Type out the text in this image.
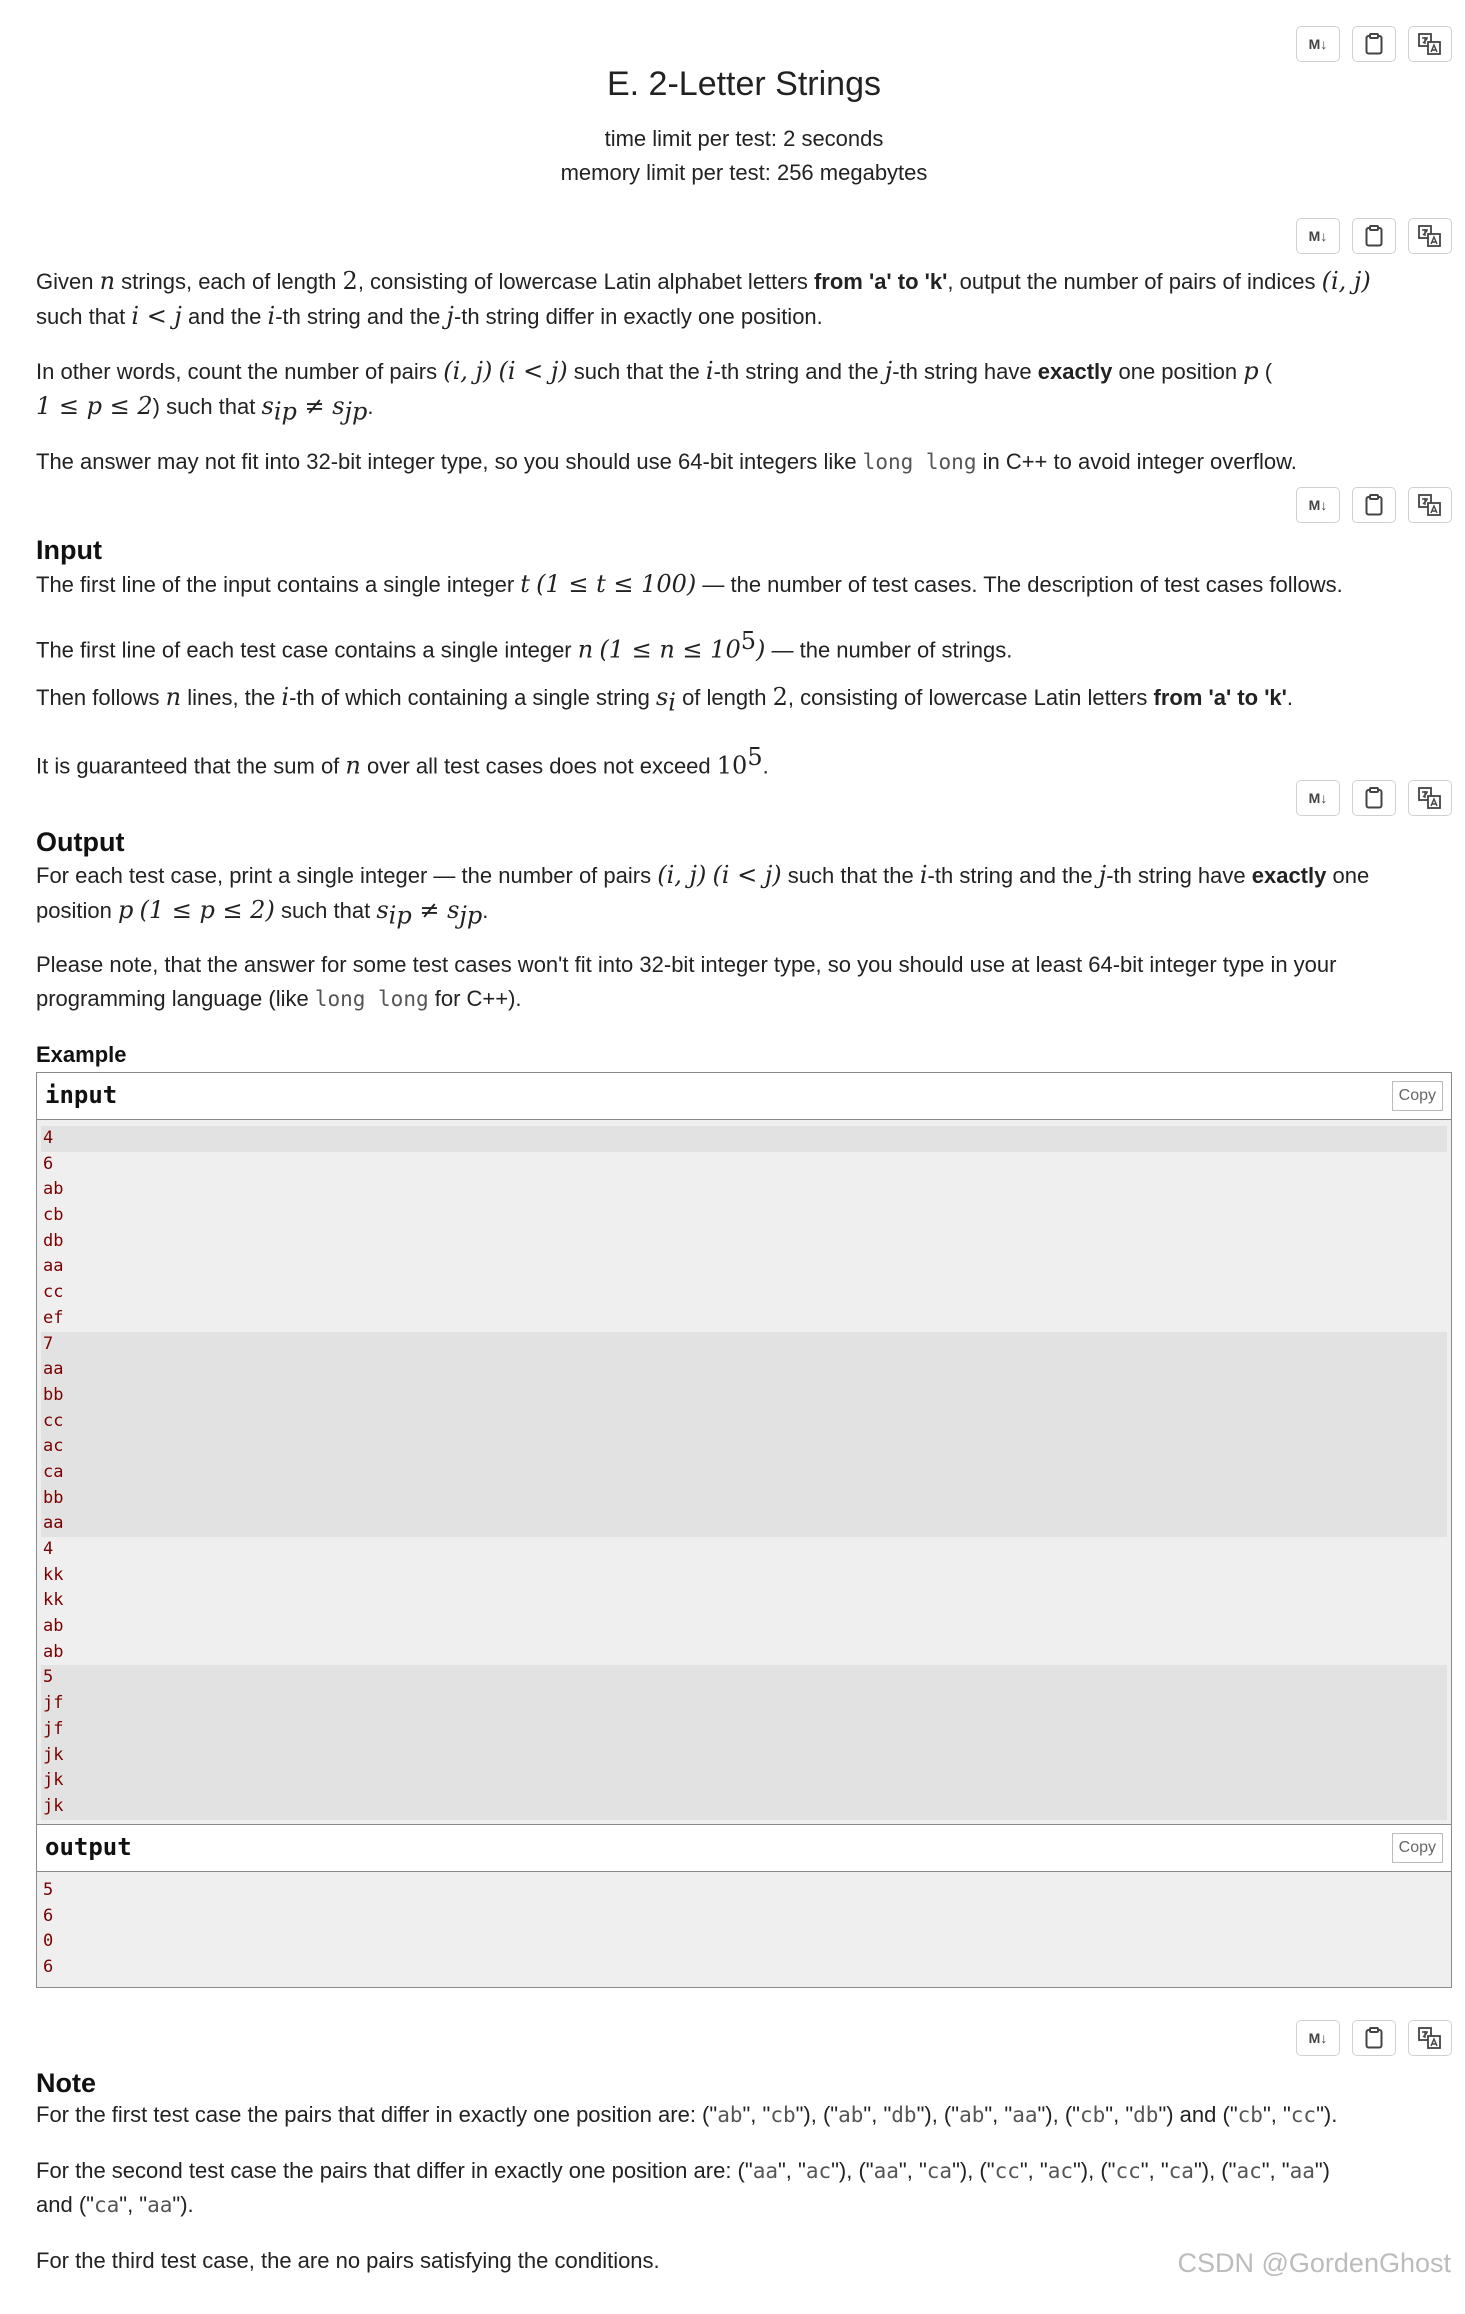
M↓
E. 2-Letter Strings
time limit per test: 2 seconds
memory limit per test: 256 megabytes
M↓

Given n strings, each of length 2, consisting of lowercase Latin alphabet letters from 'a' to 'k', output the number of pairs of indices (i, j)
such that i < j and the i-th string and the j-th string differ in exactly one position.

In other words, count the number of pairs (i, j) (i < j) such that the i-th string and the j-th string have exactly one position p (
1 ≤ p ≤ 2) such that $s_{ip} \ne s_{jp}$.

The answer may not fit into 32-bit integer type, so you should use 64-bit integers like long long in C++ to avoid integer overflow.

M↓
Input

The first line of the input contains a single integer t (1 ≤ t ≤ 100) — the number of test cases. The description of test cases follows.

The first line of each test case contains a single integer n $(1 \le n \le 10^5)$ — the number of strings.

Then follows n lines, the i-th of which containing a single string $s_i$ of length 2, consisting of lowercase Latin letters from 'a' to 'k'.

It is guaranteed that the sum of n over all test cases does not exceed $10^5$.

M↓
Output

For each test case, print a single integer — the number of pairs (i, j) (i < j) such that the i-th string and the j-th string have exactly one
position p (1 ≤ p ≤ 2) such that $s_{ip} \ne s_{jp}$.

Please note, that the answer for some test cases won't fit into 32-bit integer type, so you should use at least 64-bit integer type in your
programming language (like long long for C++).

Example
input	Copy
4
6
ab
cb
db
aa
cc
ef
7
aa
bb
cc
ac
ca
bb
aa
4
kk
kk
ab
ab
5
jf
jf
jk
jk
jk
output	Copy
5
6
0
6
M↓
Note

For the first test case the pairs that differ in exactly one position are: ("ab", "cb"), ("ab", "db"), ("ab", "aa"), ("cb", "db") and ("cb", "cc").

For the second test case the pairs that differ in exactly one position are: ("aa", "ac"), ("aa", "ca"), ("cc", "ac"), ("cc", "ca"), ("ac", "aa")
and ("ca", "aa").

For the third test case, the are no pairs satisfying the conditions.	CSDN @GordenGhost
